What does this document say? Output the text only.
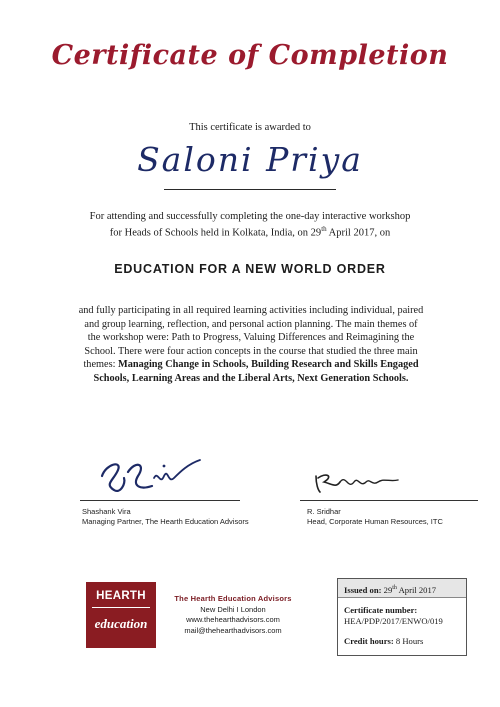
Certificate of Completion
This certificate is awarded to
Saloni Priya
For attending and successfully completing the one-day interactive workshop
for Heads of Schools held in Kolkata, India, on 29th April 2017, on
EDUCATION FOR A NEW WORLD ORDER
and fully participating in all required learning activities including individual, paired and group learning, reflection, and personal action planning. The main themes of the workshop were: Path to Progress, Valuing Differences and Reimagining the School. There were four action concepts in the course that studied the three main themes: Managing Change in Schools, Building Research and Skills Engaged Schools, Learning Areas and the Liberal Arts, Next Generation Schools.
Shashank Vira
Managing Partner, The Hearth Education Advisors
R. Sridhar
Head, Corporate Human Resources, ITC
HEARTH
education
The Hearth Education Advisors
New Delhi I London
www.thehearthadvisors.com
mail@thehearthadvisors.com
Issued on: 29th April 2017
Certificate number:
HEA/PDP/2017/ENWO/019
Credit hours: 8 Hours
